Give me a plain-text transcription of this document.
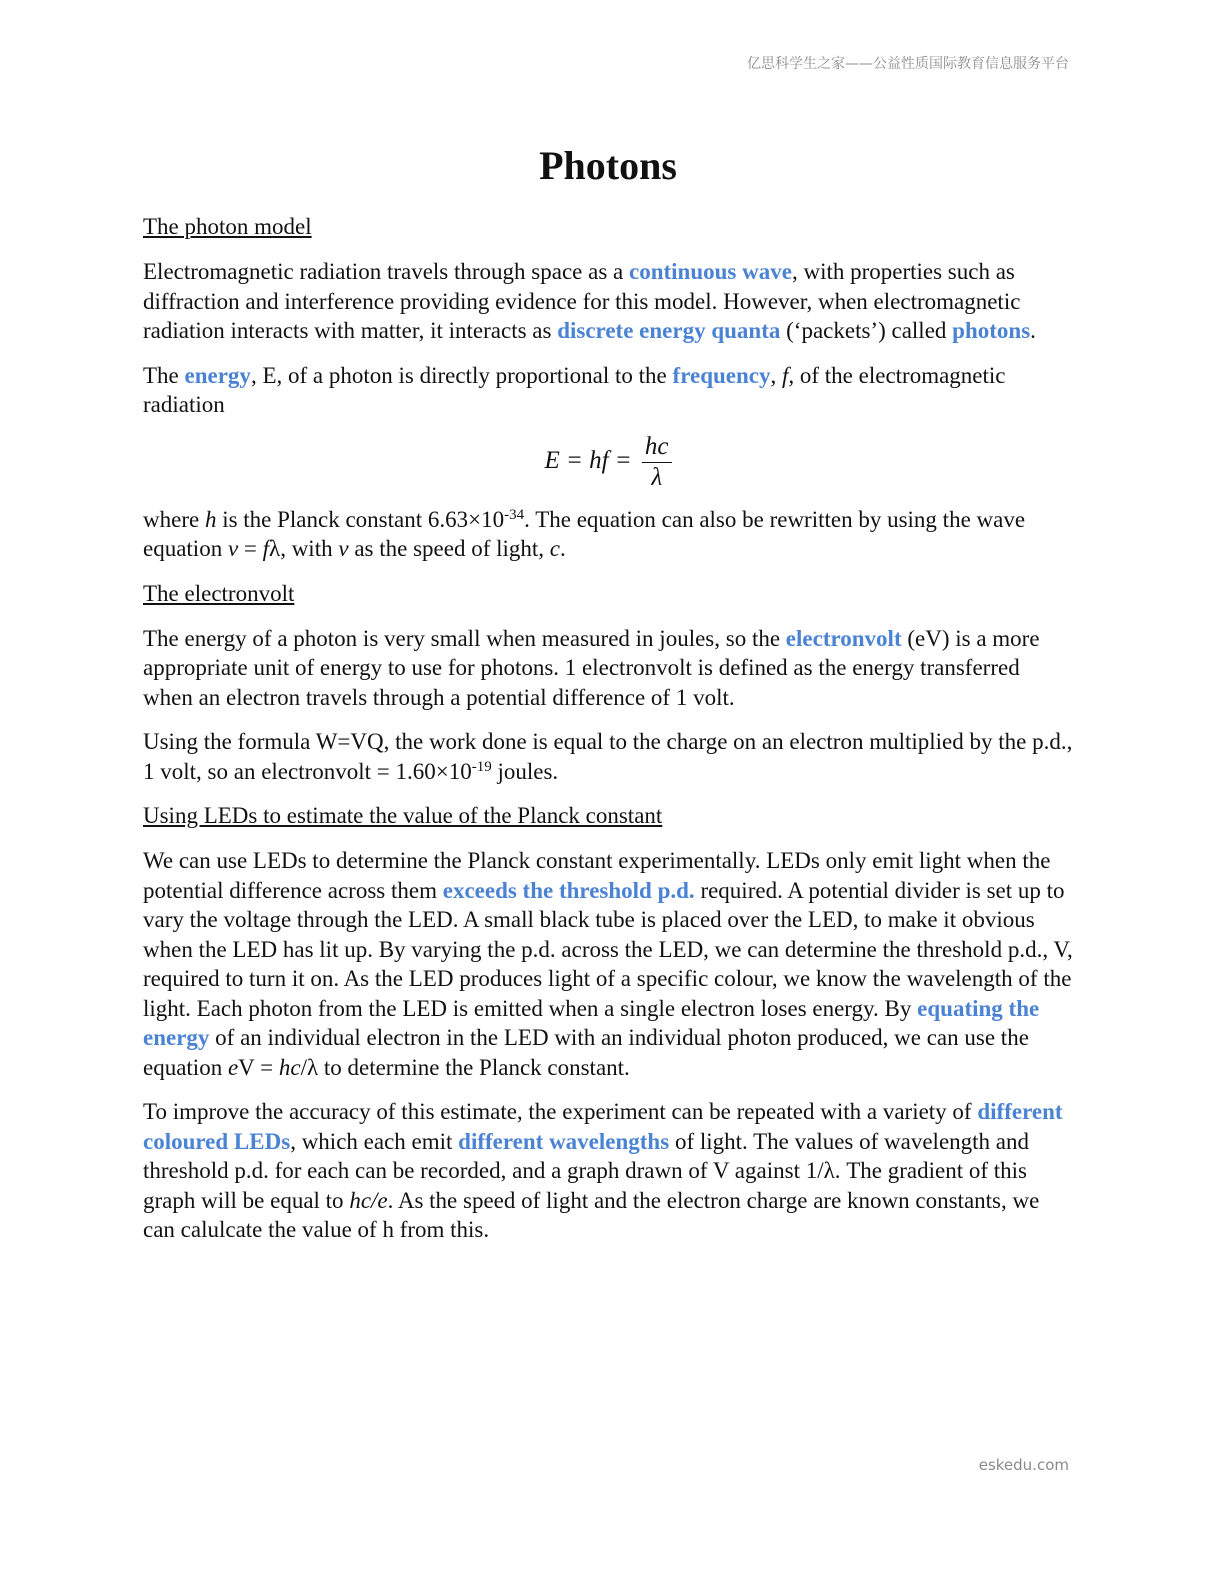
亿思科学生之家——公益性质国际教育信息服务平台
Photons
The photon model

Electromagnetic radiation travels through space as a continuous wave, with properties such as diffraction and interference providing evidence for this model. However, when electromagnetic radiation interacts with matter, it interacts as discrete energy quanta (‘packets’) called photons.

The energy, E, of a photon is directly proportional to the frequency, f, of the electromagnetic radiation

E = hf = $\frac{hc}{\lambda}$

where h is the Planck constant $6.63\times 10^{-34}$. The equation can also be rewritten by using the wave equation v = fλ, with v as the speed of light, c.

The electronvolt

The energy of a photon is very small when measured in joules, so the electronvolt (eV) is a more appropriate unit of energy to use for photons. 1 electronvolt is defined as the energy transferred when an electron travels through a potential difference of 1 volt.

Using the formula W=VQ, the work done is equal to the charge on an electron multiplied by the p.d., 1 volt, so an electronvolt = $1.60\times 10^{-19}$ joules.

Using LEDs to estimate the value of the Planck constant

We can use LEDs to determine the Planck constant experimentally. LEDs only emit light when the potential difference across them exceeds the threshold p.d. required. A potential divider is set up to vary the voltage through the LED. A small black tube is placed over the LED, to make it obvious when the LED has lit up. By varying the p.d. across the LED, we can determine the threshold p.d., V, required to turn it on. As the LED produces light of a specific colour, we know the wavelength of the light. Each photon from the LED is emitted when a single electron loses energy. By equating the energy of an individual electron in the LED with an individual photon produced, we can use the equation eV = hc/λ to determine the Planck constant.

To improve the accuracy of this estimate, the experiment can be repeated with a variety of different coloured LEDs, which each emit different wavelengths of light. The values of wavelength and threshold p.d. for each can be recorded, and a graph drawn of V against 1/λ. The gradient of this graph will be equal to hc/e. As the speed of light and the electron charge are known constants, we can calulcate the value of h from this.

eskedu.com
